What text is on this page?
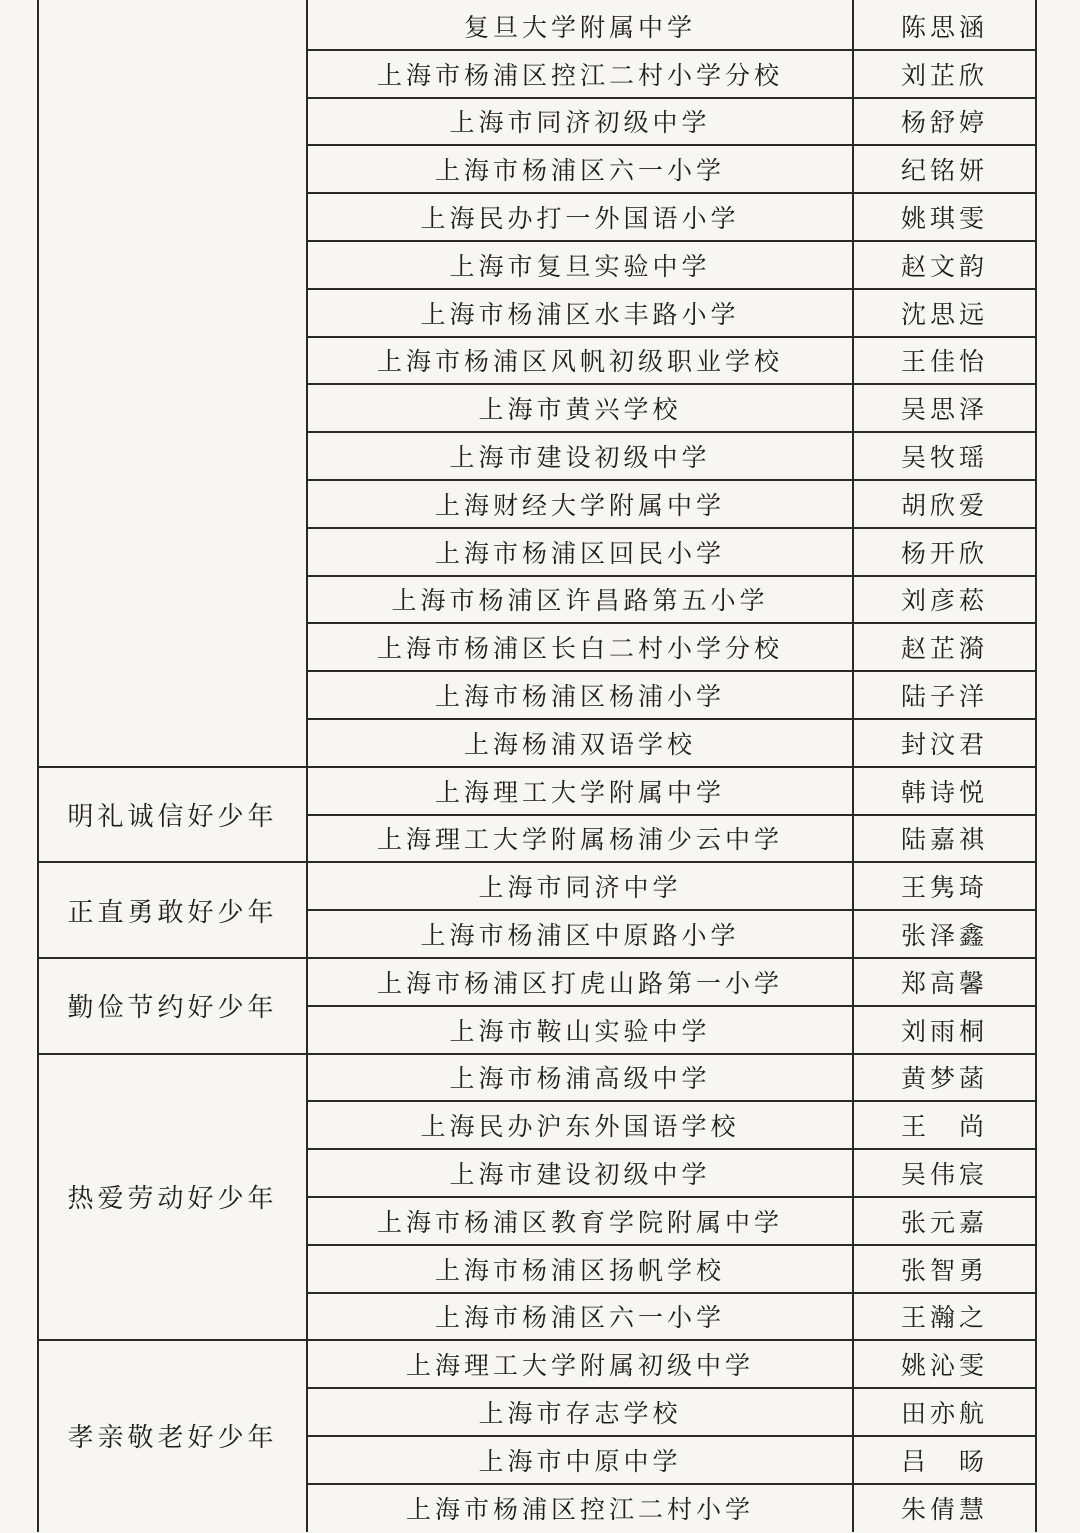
复旦大学附属中学	陈思涵
上海市杨浦区控江二村小学分校	刘芷欣
上海市同济初级中学	杨舒婷
上海市杨浦区六一小学	纪铭妍
上海民办打一外国语小学	姚琪雯
上海市复旦实验中学	赵文韵
上海市杨浦区水丰路小学	沈思远
上海市杨浦区风帆初级职业学校	王佳怡
上海市黄兴学校	吴思泽
上海市建设初级中学	吴牧瑶
上海财经大学附属中学	胡欣爱
上海市杨浦区回民小学	杨开欣
上海市杨浦区许昌路第五小学	刘彦菘
上海市杨浦区长白二村小学分校	赵芷漪
上海市杨浦区杨浦小学	陆子洋
上海杨浦双语学校	封汶君
明礼诚信好少年
上海理工大学附属中学	韩诗悦
上海理工大学附属杨浦少云中学	陆嘉祺
正直勇敢好少年
上海市同济中学	王隽琦
上海市杨浦区中原路小学	张泽鑫
勤俭节约好少年
上海市杨浦区打虎山路第一小学	郑高馨
上海市鞍山实验中学	刘雨桐
热爱劳动好少年
上海市杨浦高级中学	黄梦菡
上海民办沪东外国语学校	王　尚
上海市建设初级中学	吴伟宸
上海市杨浦区教育学院附属中学	张元嘉
上海市杨浦区扬帆学校	张智勇
上海市杨浦区六一小学	王瀚之
孝亲敬老好少年
上海理工大学附属初级中学	姚沁雯
上海市存志学校	田亦航
上海市中原中学	吕　旸
上海市杨浦区控江二村小学	朱倩慧
